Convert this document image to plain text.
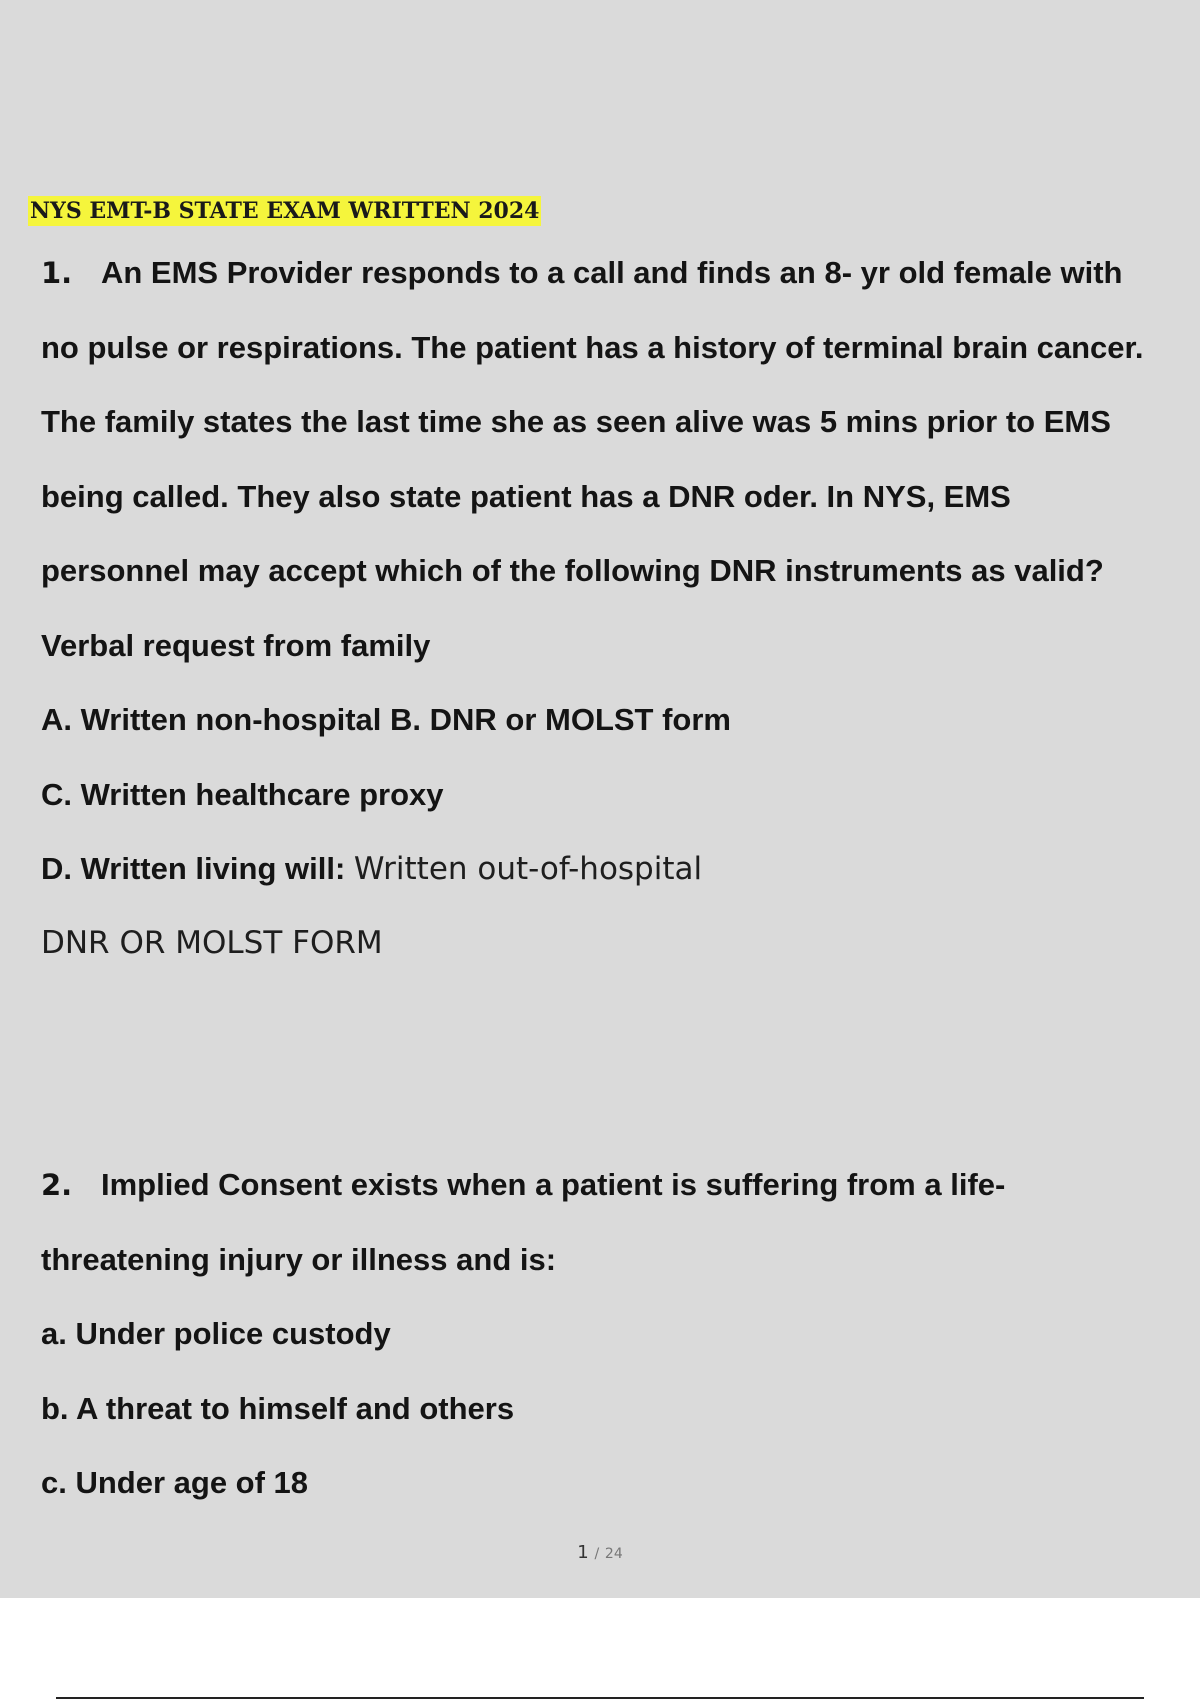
NYS EMT-B STATE EXAM WRITTEN 2024
1. An EMS Provider responds to a call and finds an 8- yr old female with
no pulse or respirations. The patient has a history of terminal brain cancer.
The family states the last time she as seen alive was 5 mins prior to EMS
being called. They also state patient has a DNR oder. In NYS, EMS
personnel may accept which of the following DNR instruments as valid?
Verbal request from family
A. Written non-hospital B. DNR or MOLST form
C. Written healthcare proxy
D. Written living will: Written out-of-hospital
DNR OR MOLST FORM
2. Implied Consent exists when a patient is suffering from a life-
threatening injury or illness and is:
a. Under police custody
b. A threat to himself and others
c. Under age of 18
1 / 24
